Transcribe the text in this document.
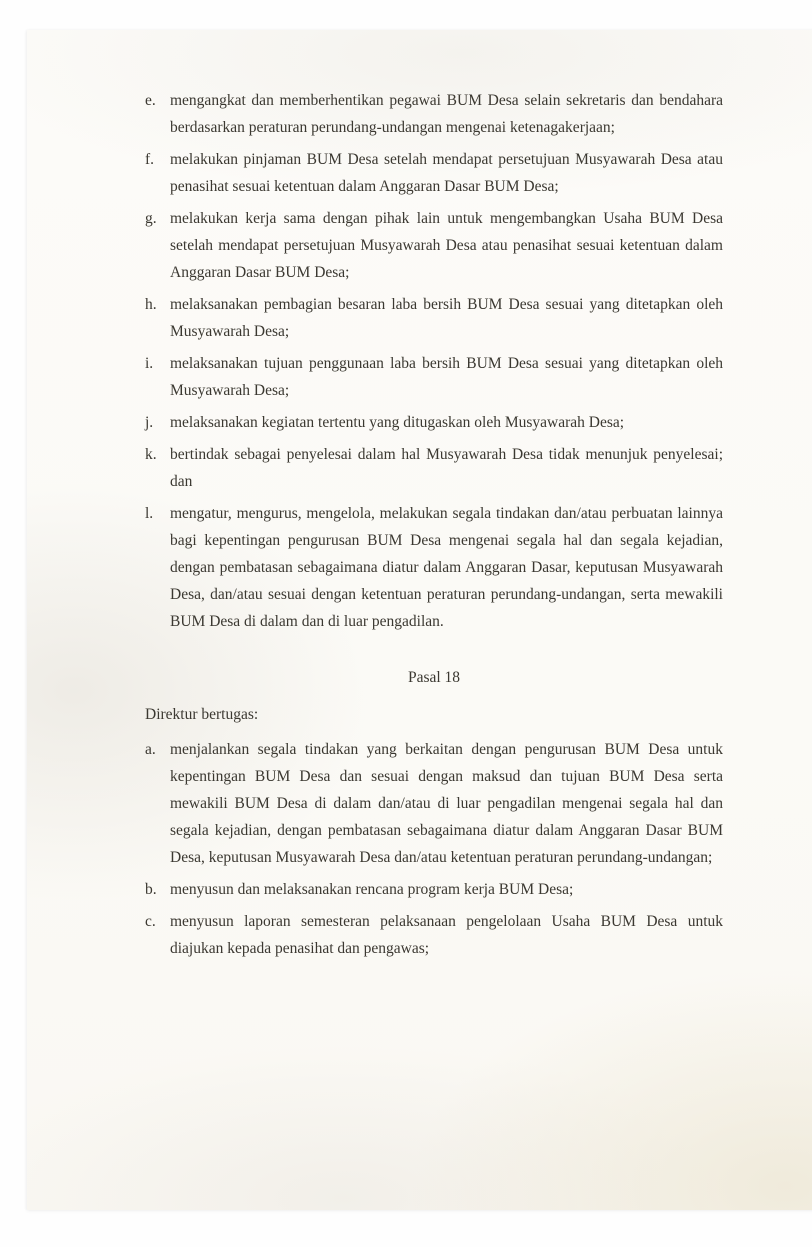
e. mengangkat dan memberhentikan pegawai BUM Desa selain sekretaris dan bendahara berdasarkan peraturan perundang-undangan mengenai ketenagakerjaan;
f.	melakukan pinjaman BUM Desa setelah mendapat persetujuan Musyawarah Desa atau penasihat sesuai ketentuan dalam Anggaran Dasar BUM Desa;
g. melakukan kerja sama dengan pihak lain untuk mengembangkan Usaha BUM Desa setelah mendapat persetujuan Musyawarah Desa atau penasihat sesuai ketentuan dalam Anggaran Dasar BUM Desa;
h. melaksanakan pembagian besaran laba bersih BUM Desa sesuai yang ditetapkan oleh Musyawarah Desa;
i.	melaksanakan tujuan penggunaan laba bersih BUM Desa sesuai yang ditetapkan oleh Musyawarah Desa;
j.	melaksanakan kegiatan tertentu yang ditugaskan oleh Musyawarah Desa;
k. bertindak sebagai penyelesai dalam hal Musyawarah Desa tidak menunjuk penyelesai; dan
l.	mengatur, mengurus, mengelola, melakukan segala tindakan dan/atau perbuatan lainnya bagi kepentingan pengurusan BUM Desa mengenai segala hal dan segala kejadian, dengan pembatasan sebagaimana diatur dalam Anggaran Dasar, keputusan Musyawarah Desa, dan/atau sesuai dengan ketentuan peraturan perundang-undangan, serta mewakili BUM Desa di dalam dan di luar pengadilan.
Pasal 18

Direktur bertugas:

a. menjalankan segala tindakan yang berkaitan dengan pengurusan BUM Desa untuk kepentingan BUM Desa dan sesuai dengan maksud dan tujuan BUM Desa serta mewakili BUM Desa di dalam dan/atau di luar pengadilan mengenai segala hal dan segala kejadian, dengan pembatasan sebagaimana diatur dalam Anggaran Dasar BUM Desa, keputusan Musyawarah Desa dan/atau ketentuan peraturan perundang-undangan;
b. menyusun dan melaksanakan rencana program kerja BUM Desa;
c. menyusun laporan semesteran pelaksanaan pengelolaan Usaha BUM Desa untuk diajukan kepada penasihat dan pengawas;
